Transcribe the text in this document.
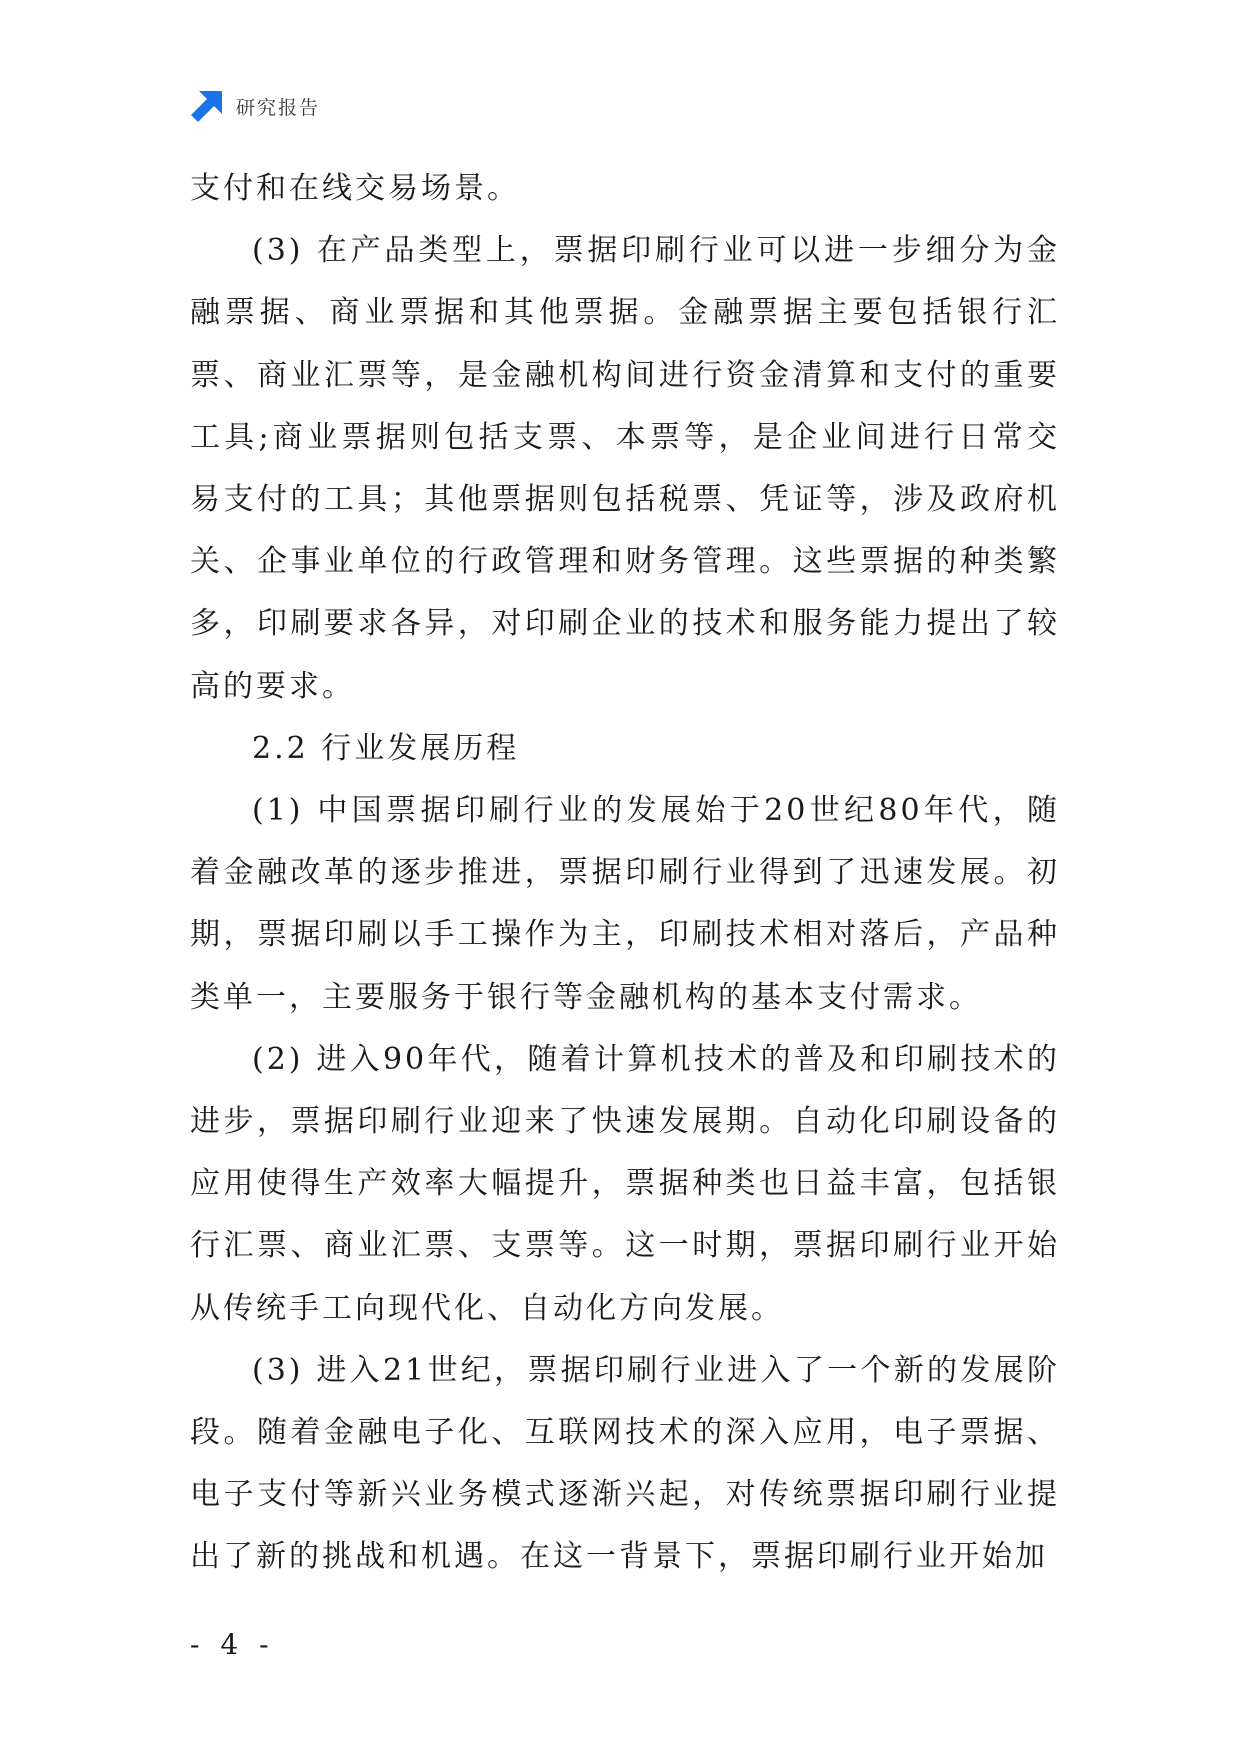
研究报告

支付和在线交易场景。

(3) 在产品类型上，票据印刷行业可以进一步细分为金融票据、商业票据和其他票据。金融票据主要包括银行汇票、商业汇票等，是金融机构间进行资金清算和支付的重要工具;商业票据则包括支票、本票等，是企业间进行日常交易支付的工具；其他票据则包括税票、凭证等，涉及政府机关、企事业单位的行政管理和财务管理。这些票据的种类繁多，印刷要求各异，对印刷企业的技术和服务能力提出了较高的要求。

2.2 行业发展历程

(1) 中国票据印刷行业的发展始于20世纪80年代，随着金融改革的逐步推进，票据印刷行业得到了迅速发展。初期，票据印刷以手工操作为主，印刷技术相对落后，产品种类单一，主要服务于银行等金融机构的基本支付需求。

(2) 进入90年代，随着计算机技术的普及和印刷技术的进步，票据印刷行业迎来了快速发展期。自动化印刷设备的应用使得生产效率大幅提升，票据种类也日益丰富，包括银行汇票、商业汇票、支票等。这一时期，票据印刷行业开始从传统手工向现代化、自动化方向发展。

(3) 进入21世纪，票据印刷行业进入了一个新的发展阶段。随着金融电子化、互联网技术的深入应用，电子票据、电子支付等新兴业务模式逐渐兴起，对传统票据印刷行业提出了新的挑战和机遇。在这一背景下，票据印刷行业开始加

- 4 -
